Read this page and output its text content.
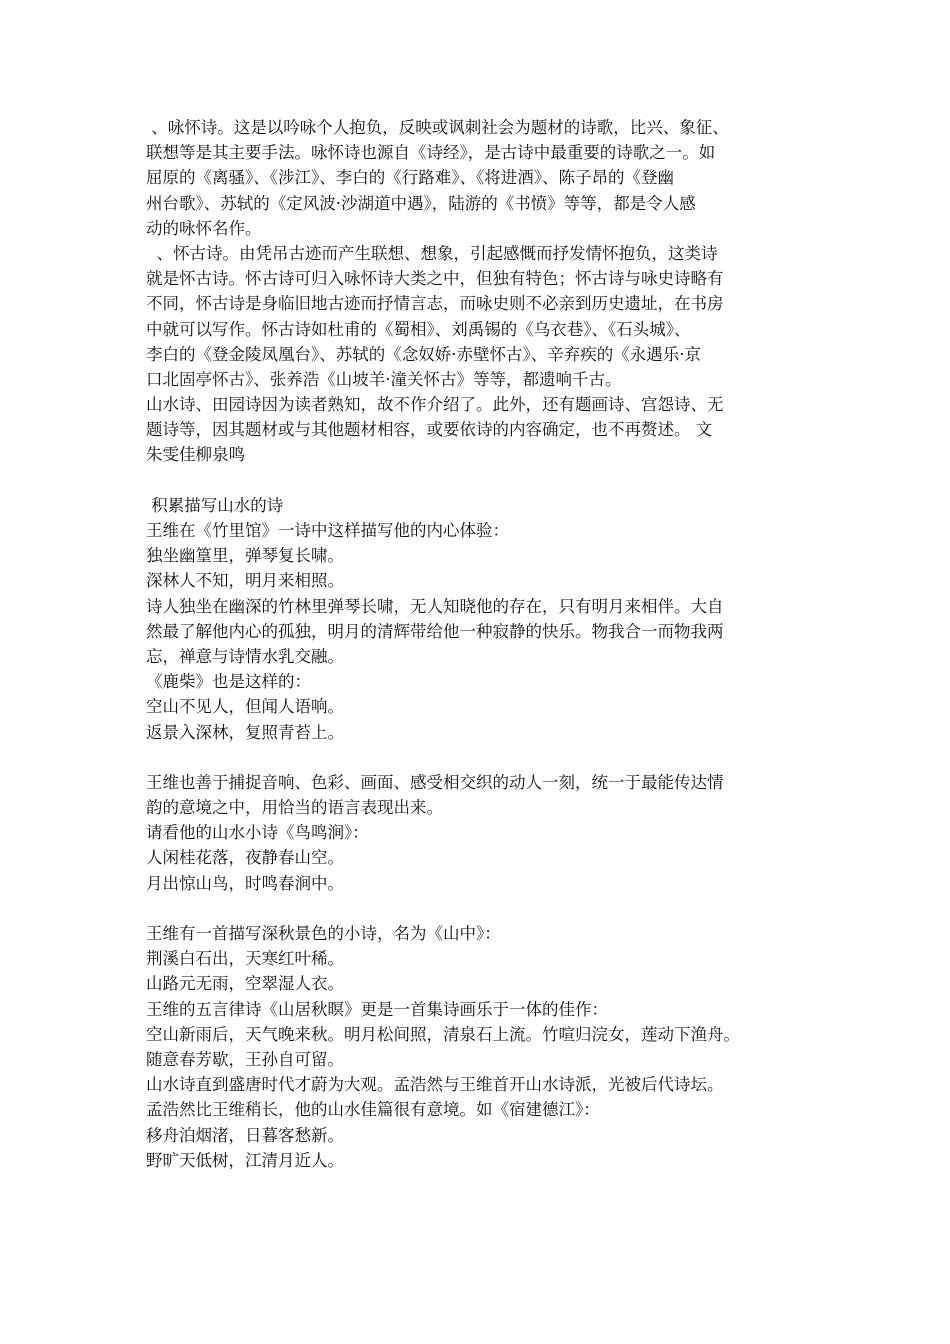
、咏怀诗。这是以吟咏个人抱负，反映或讽刺社会为题材的诗歌，比兴、象征、
联想等是其主要手法。咏怀诗也源自《诗经》，是古诗中最重要的诗歌之一。如
屈原的《离骚》、《涉江》、李白的《行路难》、《将进酒》、陈子昂的《登幽
州台歌》、苏轼的《定风波·沙湖道中遇》，陆游的《书愤》等等，都是令人感
动的咏怀名作。
、怀古诗。由凭吊古迹而产生联想、想象，引起感慨而抒发情怀抱负，这类诗
就是怀古诗。怀古诗可归入咏怀诗大类之中，但独有特色；怀古诗与咏史诗略有
不同，怀古诗是身临旧地古迹而抒情言志，而咏史则不必亲到历史遗址，在书房
中就可以写作。怀古诗如杜甫的《蜀相》、刘禹锡的《乌衣巷》、《石头城》、
李白的《登金陵凤凰台》、苏轼的《念奴娇·赤壁怀古》、辛弃疾的《永遇乐·京
口北固亭怀古》、张养浩《山坡羊·潼关怀古》等等，都遗响千古。
山水诗、田园诗因为读者熟知，故不作介绍了。此外，还有题画诗、宫怨诗、无
题诗等，因其题材或与其他题材相容，或要依诗的内容确定，也不再赘述。 文
朱雯佳柳泉鸣
积累描写山水的诗
王维在《竹里馆》一诗中这样描写他的内心体验：
独坐幽篁里，弹琴复长啸。
深林人不知，明月来相照。
诗人独坐在幽深的竹林里弹琴长啸，无人知晓他的存在，只有明月来相伴。大自
然最了解他内心的孤独，明月的清辉带给他一种寂静的快乐。物我合一而物我两
忘，禅意与诗情水乳交融。
《鹿柴》也是这样的：
空山不见人，但闻人语响。
返景入深林，复照青苔上。
王维也善于捕捉音响、色彩、画面、感受相交织的动人一刻，统一于最能传达情
韵的意境之中，用恰当的语言表现出来。
请看他的山水小诗《鸟鸣涧》：
人闲桂花落，夜静春山空。
月出惊山鸟，时鸣春涧中。
王维有一首描写深秋景色的小诗，名为《山中》：
荆溪白石出，天寒红叶稀。
山路元无雨，空翠湿人衣。
王维的五言律诗《山居秋暝》更是一首集诗画乐于一体的佳作：
空山新雨后，天气晚来秋。明月松间照，清泉石上流。竹喧归浣女，莲动下渔舟。
随意春芳歇，王孙自可留。
山水诗直到盛唐时代才蔚为大观。孟浩然与王维首开山水诗派，光被后代诗坛。
孟浩然比王维稍长，他的山水佳篇很有意境。如《宿建德江》：
移舟泊烟渚，日暮客愁新。
野旷天低树，江清月近人。
